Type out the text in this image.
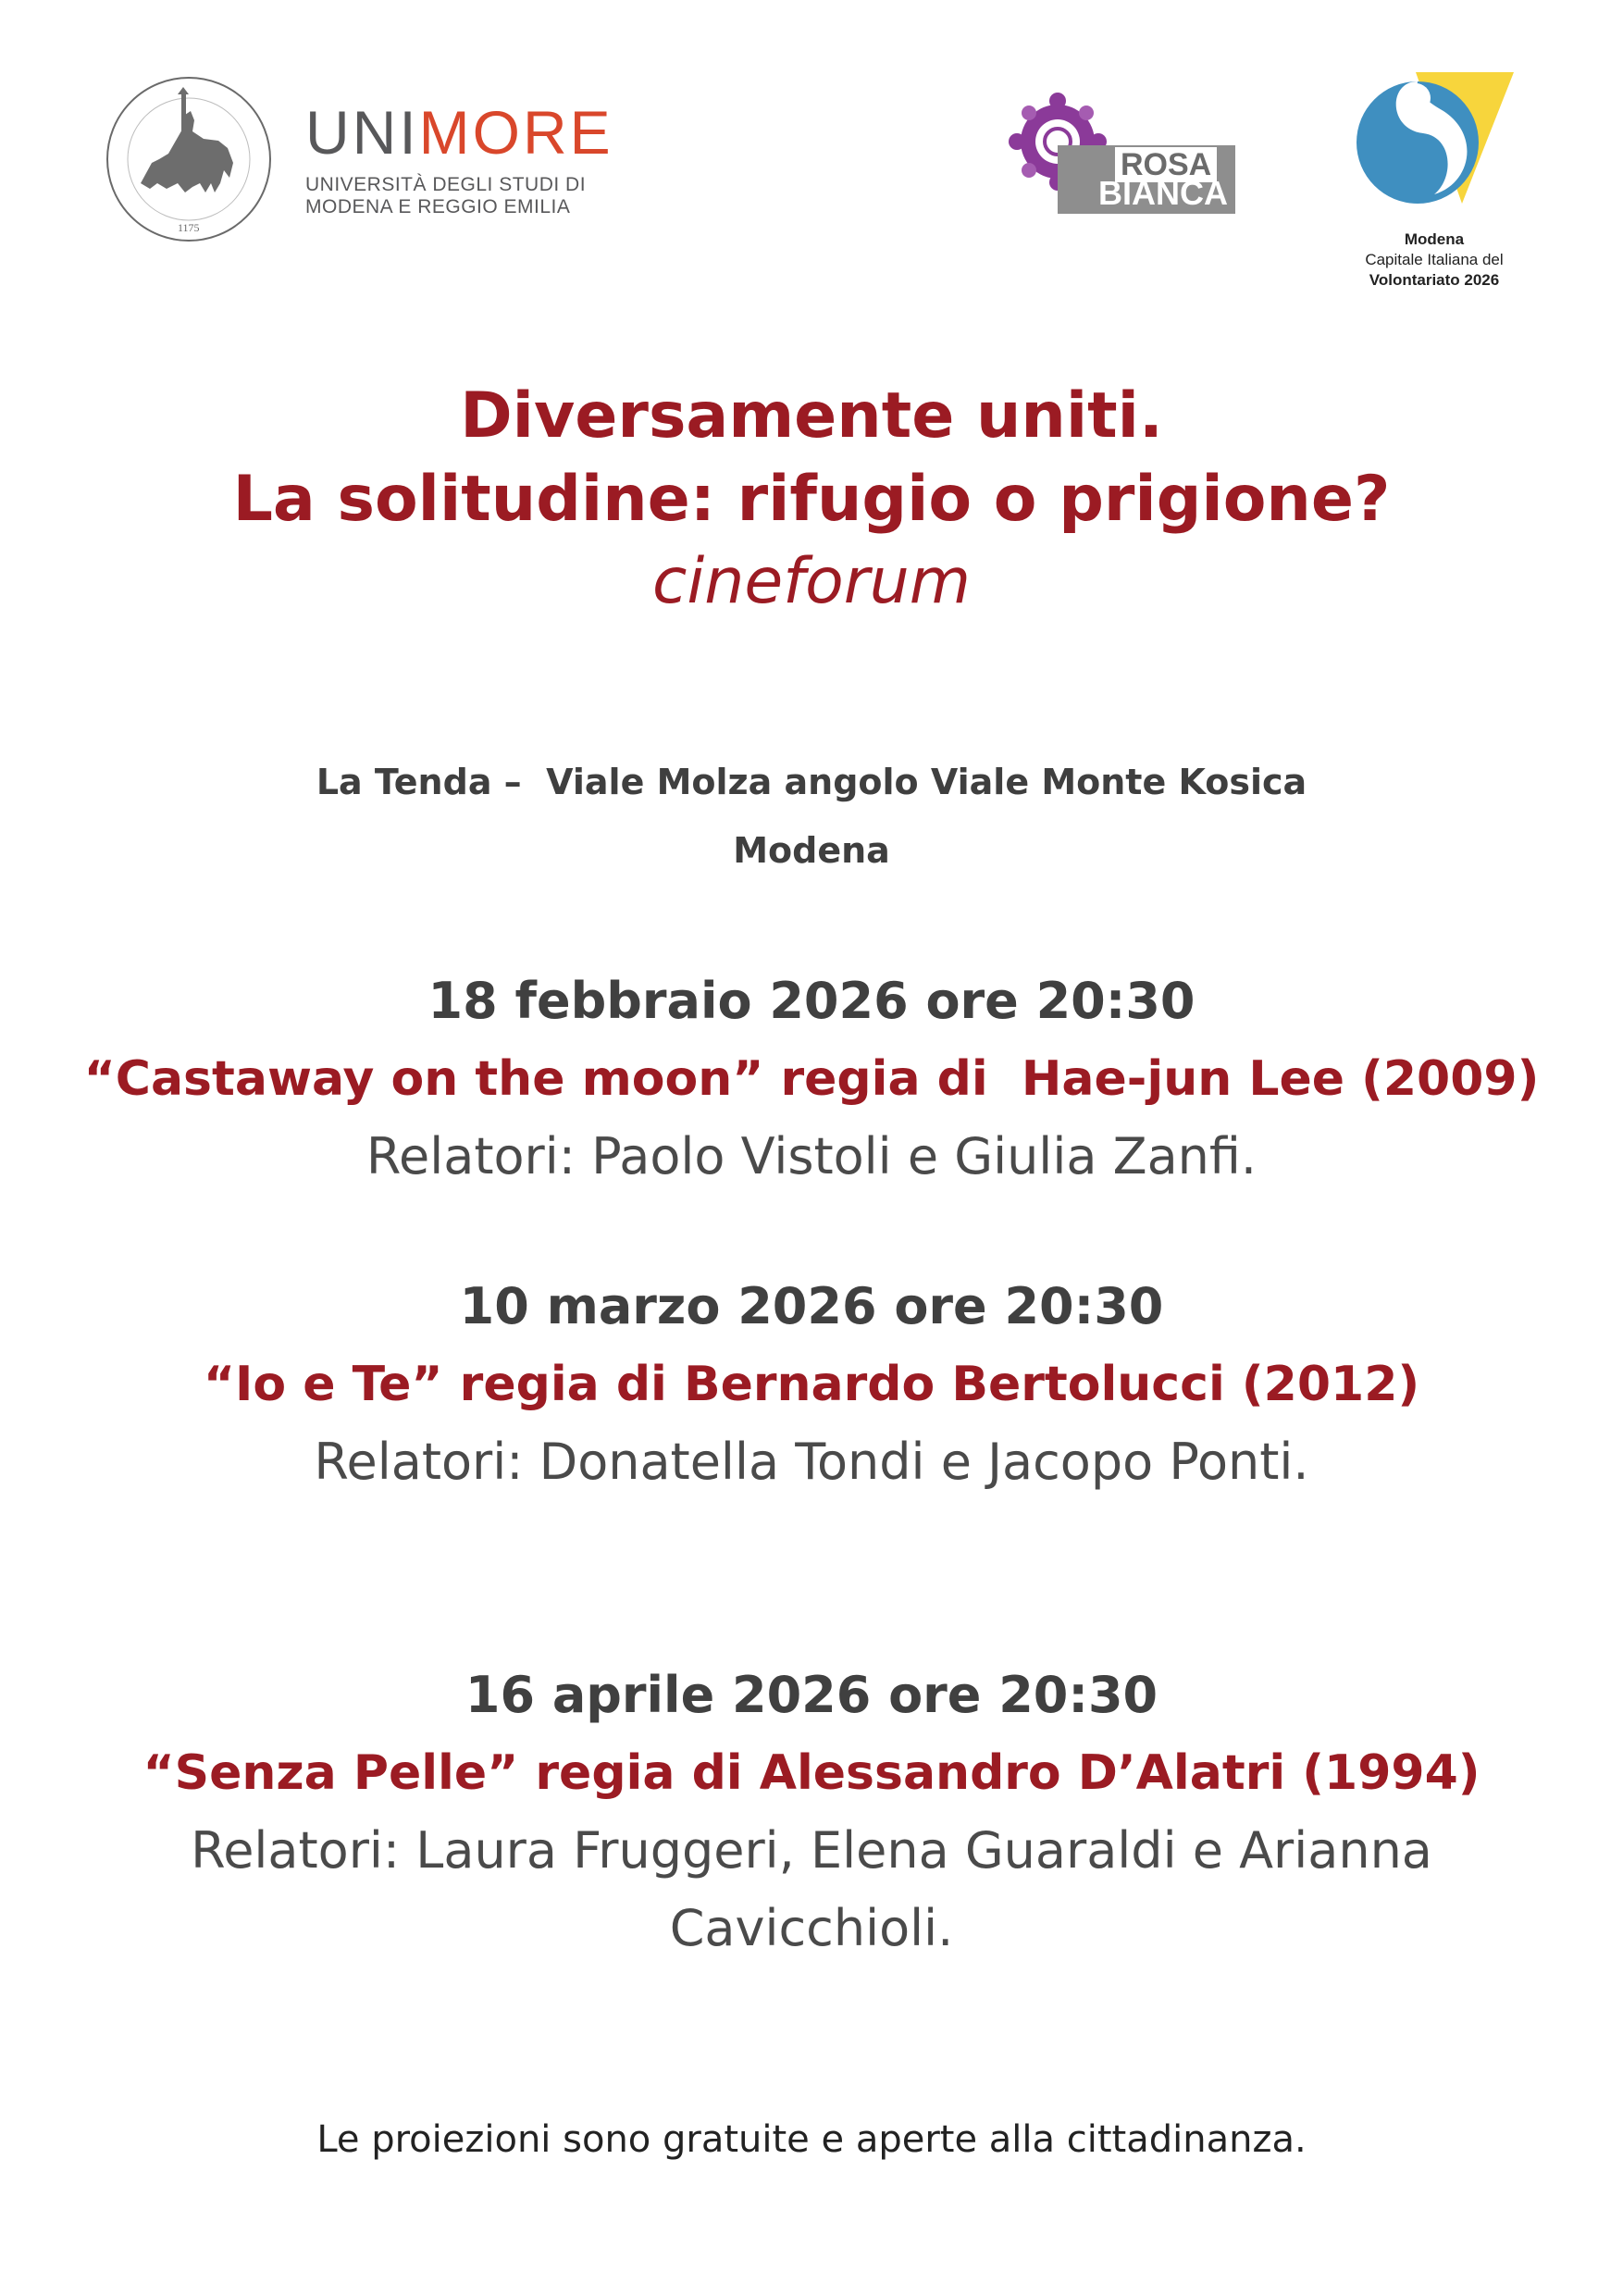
1175
UNIMORE
UNIVERSITÀ DEGLI STUDI DI
MODENA E REGGIO EMILIA
ROSA
BIANCA
Modena
Capitale Italiana del
Volontariato 2026
Diversamente uniti.
La solitudine: rifugio o prigione?
cineforum
La Tenda –  Viale Molza angolo Viale Monte Kosica
Modena
18 febbraio 2026 ore 20:30
“Castaway on the moon” regia di  Hae-jun Lee (2009)
Relatori: Paolo Vistoli e Giulia Zanfi.
10 marzo 2026 ore 20:30
“Io e Te” regia di Bernardo Bertolucci (2012)
Relatori: Donatella Tondi e Jacopo Ponti.
16 aprile 2026 ore 20:30
“Senza Pelle” regia di Alessandro D’Alatri (1994)
Relatori: Laura Fruggeri, Elena Guaraldi e Arianna Cavicchioli.
Le proiezioni sono gratuite e aperte alla cittadinanza.
